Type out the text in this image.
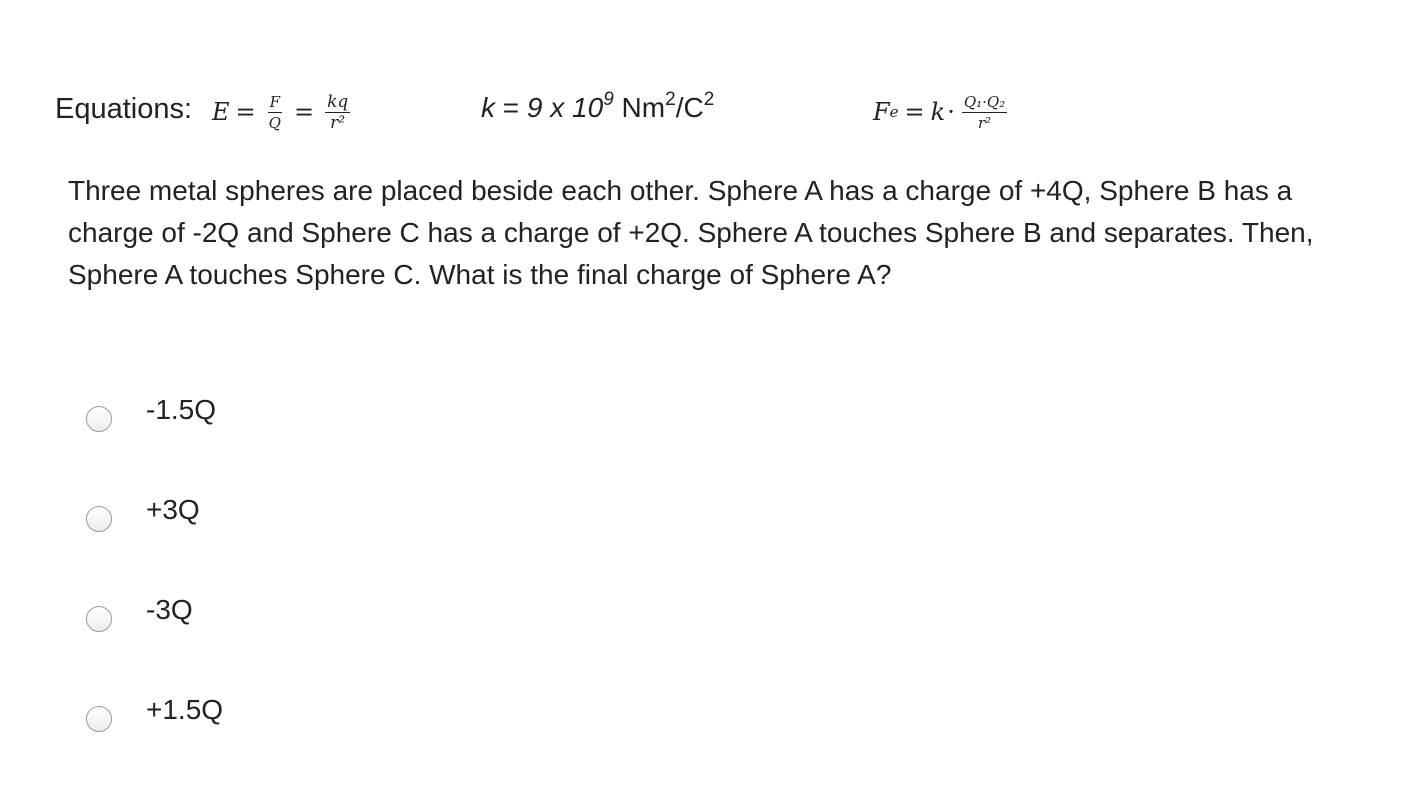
Equations: $E = \frac{F}{Q} = \frac{kq}{\text{r²}}$	k = 9 x $10^9$ $Nm^2/C^2$	F $e = k \cdot \frac{\text{Q₁·Q₂}}{\text{r²}}$
Three metal spheres are placed beside each other. Sphere A has a charge of +4Q, Sphere B has a charge of -2Q and Sphere C has a charge of +2Q. Sphere A touches Sphere B and separates. Then, Sphere A touches Sphere C. What is the final charge of Sphere A?
-1.5Q
+3Q
-3Q
+1.5Q
